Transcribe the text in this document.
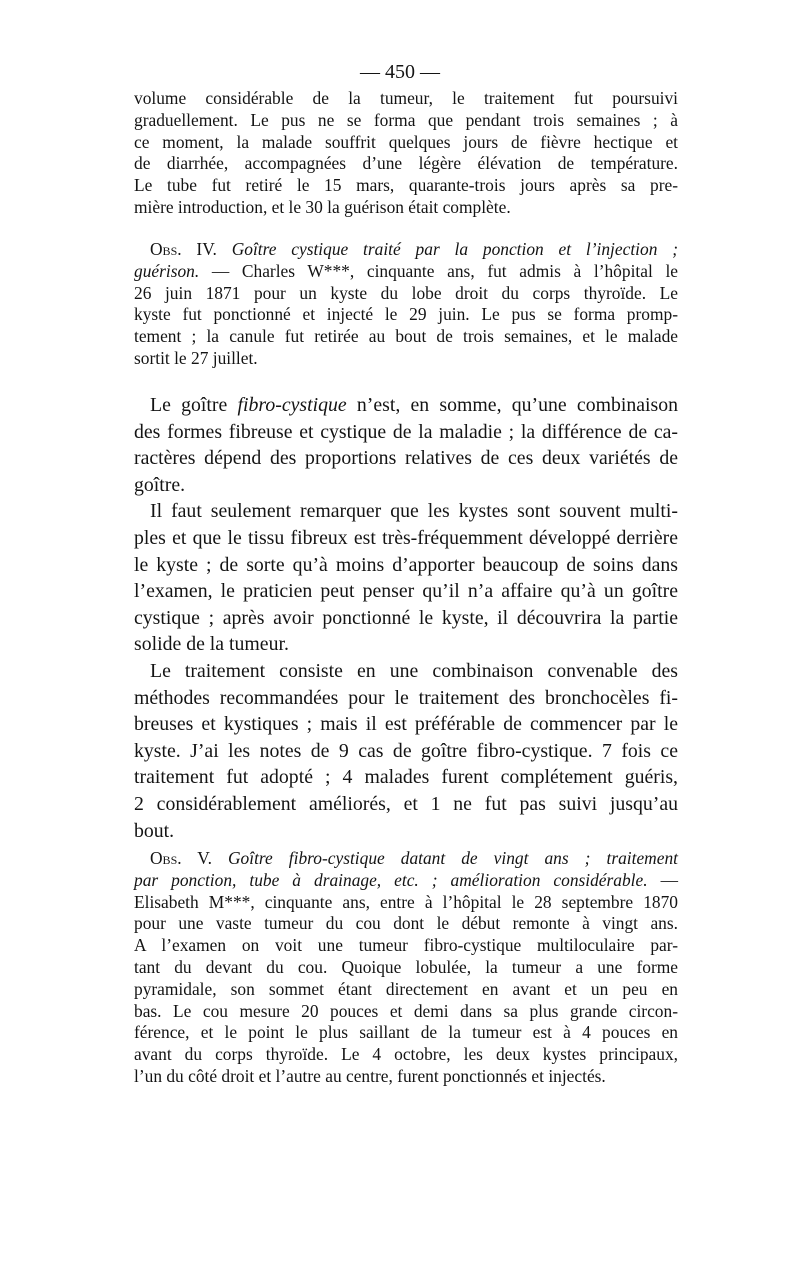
— 450 —
volume considérable de la tumeur, le traitement fut poursuivi
graduellement. Le pus ne se forma que pendant trois semaines ; à
ce moment, la malade souffrit quelques jours de fièvre hectique et
de diarrhée, accompagnées d’une légère élévation de température.
Le tube fut retiré le 15 mars, quarante-trois jours après sa pre-
mière introduction, et le 30 la guérison était complète.
Obs. IV. Goître cystique traité par la ponction et l’injection ;
guérison. — Charles W***, cinquante ans, fut admis à l’hôpital le
26 juin 1871 pour un kyste du lobe droit du corps thyroïde. Le
kyste fut ponctionné et injecté le 29 juin. Le pus se forma promp-
tement ; la canule fut retirée au bout de trois semaines, et le malade
sortit le 27 juillet.
Le goître fibro-cystique n’est, en somme, qu’une combinaison
des formes fibreuse et cystique de la maladie ; la différence de ca-
ractères dépend des proportions relatives de ces deux variétés de
goître.
Il faut seulement remarquer que les kystes sont souvent multi-
ples et que le tissu fibreux est très-fréquemment développé derrière
le kyste ; de sorte qu’à moins d’apporter beaucoup de soins dans
l’examen, le praticien peut penser qu’il n’a affaire qu’à un goître
cystique ; après avoir ponctionné le kyste, il découvrira la partie
solide de la tumeur.
Le traitement consiste en une combinaison convenable des
méthodes recommandées pour le traitement des bronchocèles fi-
breuses et kystiques ; mais il est préférable de commencer par le
kyste. J’ai les notes de 9 cas de goître fibro-cystique. 7 fois ce
traitement fut adopté ; 4 malades furent complétement guéris,
2 considérablement améliorés, et 1 ne fut pas suivi jusqu’au
bout.
Obs. V. Goître fibro-cystique datant de vingt ans ; traitement
par ponction, tube à drainage, etc. ; amélioration considérable. —
Elisabeth M***, cinquante ans, entre à l’hôpital le 28 septembre 1870
pour une vaste tumeur du cou dont le début remonte à vingt ans.
A l’examen on voit une tumeur fibro-cystique multiloculaire par-
tant du devant du cou. Quoique lobulée, la tumeur a une forme
pyramidale, son sommet étant directement en avant et un peu en
bas. Le cou mesure 20 pouces et demi dans sa plus grande circon-
férence, et le point le plus saillant de la tumeur est à 4 pouces en
avant du corps thyroïde. Le 4 octobre, les deux kystes principaux,
l’un du côté droit et l’autre au centre, furent ponctionnés et injectés.
